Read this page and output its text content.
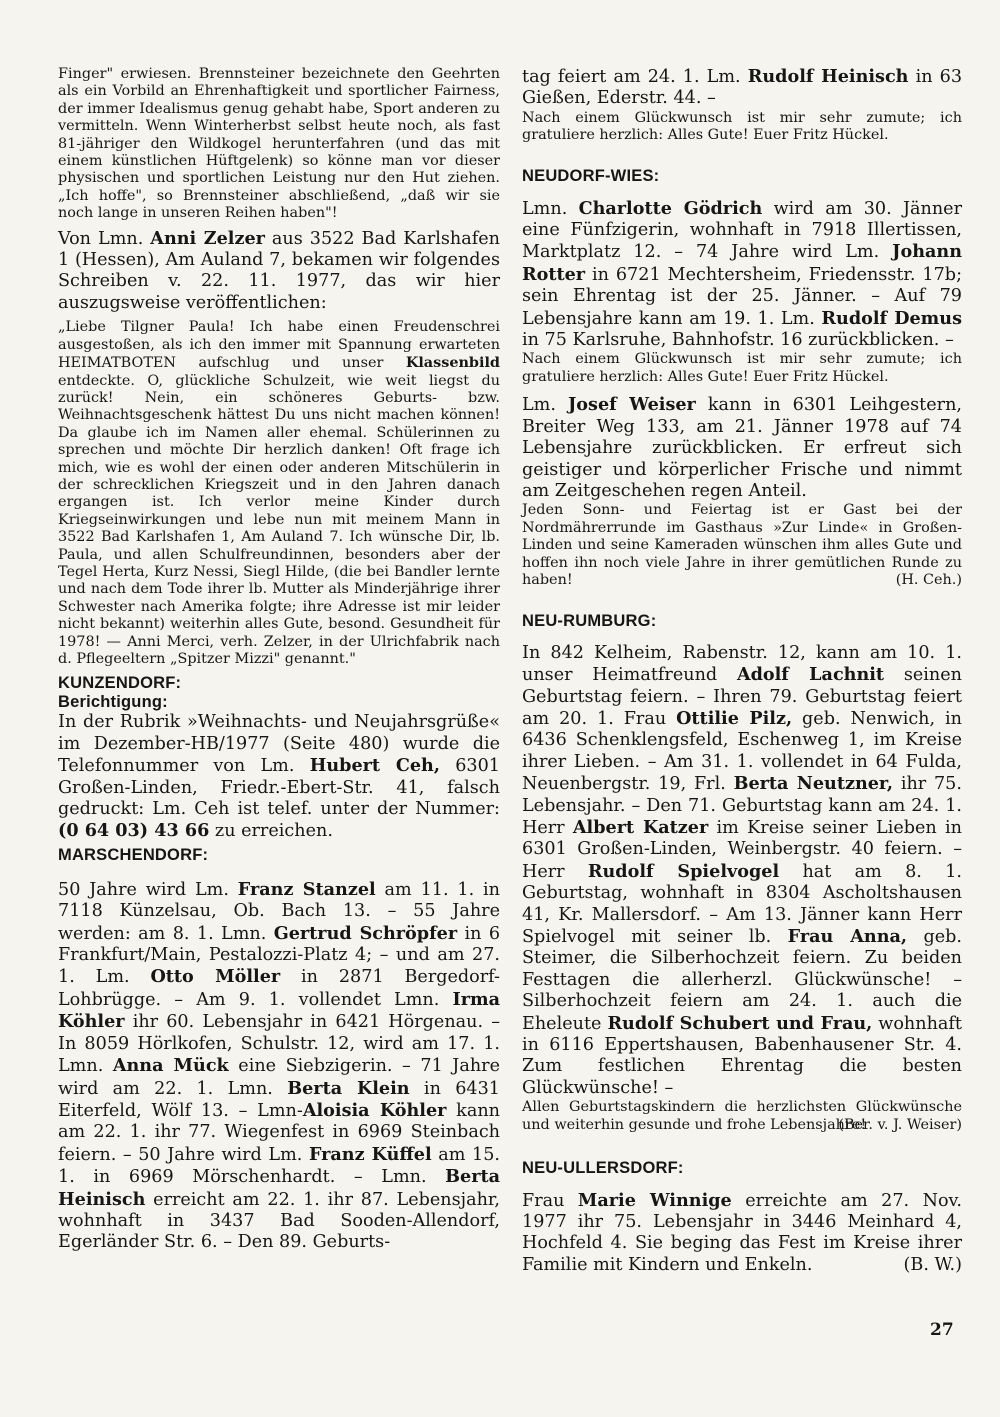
Finger" erwiesen. Brennsteiner bezeichnete den Geehrten als ein Vorbild an Ehrenhaftigkeit und sportlicher Fairness, der immer Idealismus genug gehabt habe, Sport anderen zu vermitteln. Wenn Winterherbst selbst heute noch, als fast 81-jähriger den Wildkogel herunterfahren (und das mit einem künstlichen Hüftgelenk) so könne man vor dieser physischen und sportlichen Leistung nur den Hut ziehen. „Ich hoffe", so Brennsteiner abschließend, „daß wir sie noch lange in unseren Reihen haben"!

Von Lmn. Anni Zelzer aus 3522 Bad Karlshafen 1 (Hessen), Am Auland 7, bekamen wir folgendes Schreiben v. 22. 11. 1977, das wir hier auszugsweise veröffentlichen:

„Liebe Tilgner Paula! Ich habe einen Freudenschrei ausgestoßen, als ich den immer mit Spannung erwarteten HEIMATBOTEN aufschlug und unser Klassenbild entdeckte. O, glückliche Schulzeit, wie weit liegst du zurück! Nein, ein schöneres Geburts- bzw. Weihnachtsgeschenk hättest Du uns nicht machen können! Da glaube ich im Namen aller ehemal. Schülerinnen zu sprechen und möchte Dir herzlich danken! Oft frage ich mich, wie es wohl der einen oder anderen Mitschülerin in der schrecklichen Kriegszeit und in den Jahren danach ergangen ist. Ich verlor meine Kinder durch Kriegseinwirkungen und lebe nun mit meinem Mann in 3522 Bad Karlshafen 1, Am Auland 7. Ich wünsche Dir, lb. Paula, und allen Schulfreundinnen, besonders aber der Tegel Herta, Kurz Nessi, Siegl Hilde, (die bei Bandler lernte und nach dem Tode ihrer lb. Mutter als Minderjährige ihrer Schwester nach Amerika folgte; ihre Adresse ist mir leider nicht bekannt) weiterhin alles Gute, besond. Gesundheit für 1978! — Anni Merci, verh. Zelzer, in der Ulrichfabrik nach d. Pflegeeltern „Spitzer Mizzi" genannt."

KUNZENDORF:
Berichtigung:

In der Rubrik »Weihnachts- und Neujahrsgrüße« im Dezember-HB/1977 (Seite 480) wurde die Telefonnummer von Lm. Hubert Ceh, 6301 Großen-Linden, Friedr.-Ebert-Str. 41, falsch gedruckt: Lm. Ceh ist telef. unter der Nummer: (0 64 03) 43 66 zu erreichen.

MARSCHENDORF:

50 Jahre wird Lm. Franz Stanzel am 11. 1. in 7118 Künzelsau, Ob. Bach 13. – 55 Jahre werden: am 8. 1. Lmn. Gertrud Schröpfer in 6 Frankfurt/Main, Pestalozzi-Platz 4; – und am 27. 1. Lm. Otto Möller in 2871 Bergedorf-Lohbrügge. – Am 9. 1. vollendet Lmn. Irma Köhler ihr 60. Lebensjahr in 6421 Hörgenau. – In 8059 Hörlkofen, Schulstr. 12, wird am 17. 1. Lmn. Anna Mück eine Siebzigerin. – 71 Jahre wird am 22. 1. Lmn. Berta Klein in 6431 Eiterfeld, Wölf 13. – Lmn-Aloisia Köhler kann am 22. 1. ihr 77. Wiegenfest in 6969 Steinbach feiern. – 50 Jahre wird Lm. Franz Küffel am 15. 1. in 6969 Mörschenhardt. – Lmn. Berta Heinisch erreicht am 22. 1. ihr 87. Lebensjahr, wohnhaft in 3437 Bad Sooden-Allendorf, Egerländer Str. 6. – Den 89. Geburts-

tag feiert am 24. 1. Lm. Rudolf Heinisch in 63 Gießen, Ederstr. 44. –

Nach einem Glückwunsch ist mir sehr zumute; ich gratuliere herzlich: Alles Gute! Euer Fritz Hückel.

NEUDORF-WIES:

Lmn. Charlotte Gödrich wird am 30. Jänner eine Fünfzigerin, wohnhaft in 7918 Illertissen, Marktplatz 12. – 74 Jahre wird Lm. Johann Rotter in 6721 Mechtersheim, Friedensstr. 17b; sein Ehrentag ist der 25. Jänner. – Auf 79 Lebensjahre kann am 19. 1. Lm. Rudolf Demus in 75 Karlsruhe, Bahnhofstr. 16 zurückblicken. –

Nach einem Glückwunsch ist mir sehr zumute; ich gratuliere herzlich: Alles Gute! Euer Fritz Hückel.

Lm. Josef Weiser kann in 6301 Leihgestern, Breiter Weg 133, am 21. Jänner 1978 auf 74 Lebensjahre zurückblicken. Er erfreut sich geistiger und körperlicher Frische und nimmt am Zeitgeschehen regen Anteil.

Jeden Sonn- und Feiertag ist er Gast bei der Nordmährerrunde im Gasthaus »Zur Linde« in Großen-Linden und seine Kameraden wünschen ihm alles Gute und hoffen ihn noch viele Jahre in ihrer gemütlichen Runde zu haben!	(H. Ceh.)
NEU-RUMBURG:

In 842 Kelheim, Rabenstr. 12, kann am 10. 1. unser Heimatfreund Adolf Lachnit seinen Geburtstag feiern. – Ihren 79. Geburtstag feiert am 20. 1. Frau Ottilie Pilz, geb. Nenwich, in 6436 Schenklengsfeld, Eschenweg 1, im Kreise ihrer Lieben. – Am 31. 1. vollendet in 64 Fulda, Neuenbergstr. 19, Frl. Berta Neutzner, ihr 75. Lebensjahr. – Den 71. Geburtstag kann am 24. 1. Herr Albert Katzer im Kreise seiner Lieben in 6301 Großen-Linden, Weinbergstr. 40 feiern. – Herr Rudolf Spielvogel hat am 8. 1. Geburtstag, wohnhaft in 8304 Ascholtshausen 41, Kr. Mallersdorf. – Am 13. Jänner kann Herr Spielvogel mit seiner lb. Frau Anna, geb. Steimer, die Silberhochzeit feiern. Zu beiden Festtagen die allerherzl. Glückwünsche! – Silberhochzeit feiern am 24. 1. auch die Eheleute Rudolf Schubert und Frau, wohnhaft in 6116 Eppertshausen, Babenhausener Str. 4. Zum festlichen Ehrentag die besten Glückwünsche! –

Allen Geburtstagskindern die herzlichsten Glückwünsche und weiterhin gesunde und frohe Lebensjahre!

(Ber. v. J. Weiser)
NEU-ULLERSDORF:

Frau Marie Winnige erreichte am 27. Nov. 1977 ihr 75. Lebensjahr in 3446 Meinhard 4, Hochfeld 4. Sie beging das Fest im Kreise ihrer Familie mit Kindern und Enkeln.	(B. W.)
27
